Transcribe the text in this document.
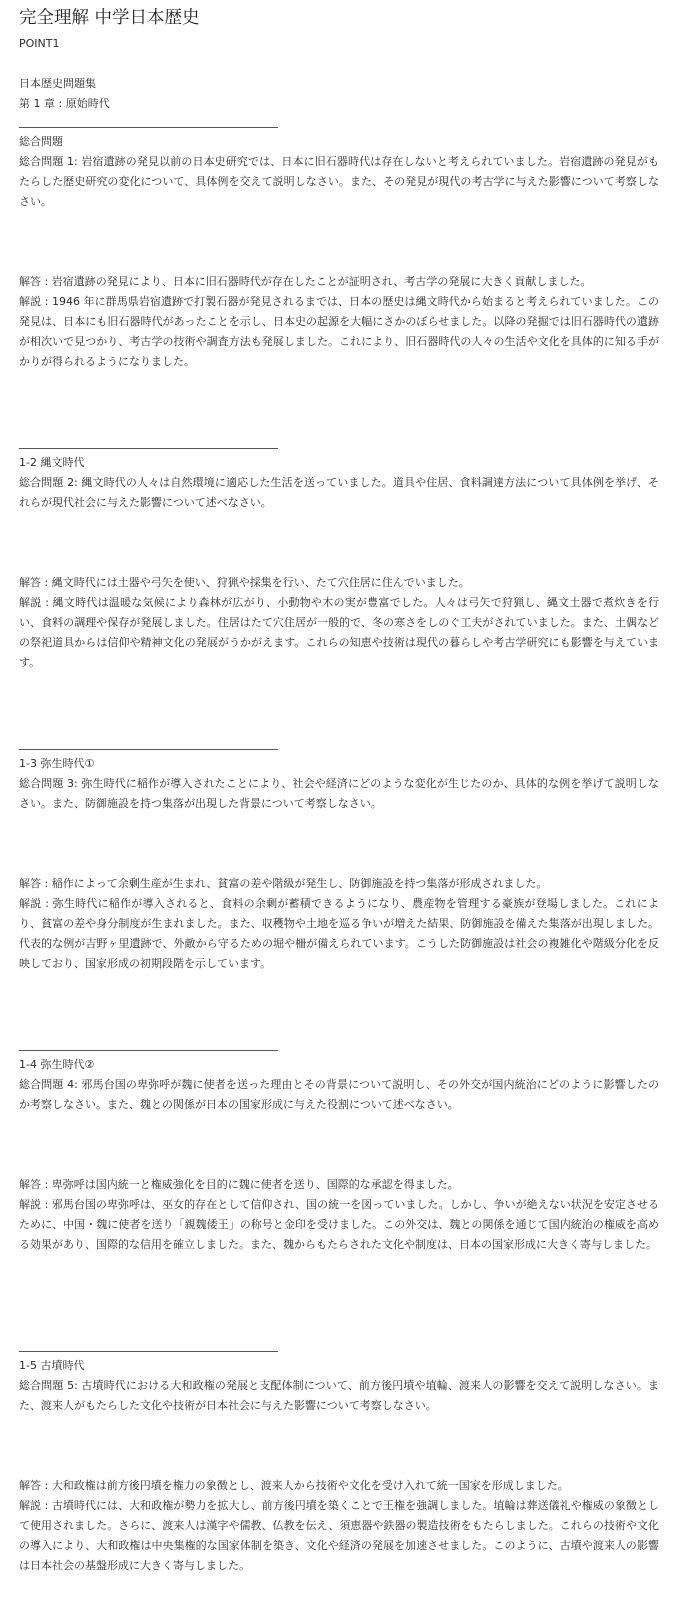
完全理解 中学日本歴史
POINT1
日本歴史問題集
第 1 章 : 原始時代
総合問題

総合問題 1: 岩宿遺跡の発見以前の日本史研究では、日本に旧石器時代は存在しないと考えられていました。岩宿遺跡の発見がもたらした歴史研究の変化について、具体例を交えて説明しなさい。また、その発見が現代の考古学に与えた影響について考察しなさい。

解答 : 岩宿遺跡の発見により、日本に旧石器時代が存在したことが証明され、考古学の発展に大きく貢献しました。

解説 : 1946 年に群馬県岩宿遺跡で打製石器が発見されるまでは、日本の歴史は縄文時代から始まると考えられていました。この発見は、日本にも旧石器時代があったことを示し、日本史の起源を大幅にさかのぼらせました。以降の発掘では旧石器時代の遺跡が相次いで見つかり、考古学の技術や調査方法も発展しました。これにより、旧石器時代の人々の生活や文化を具体的に知る手がかりが得られるようになりました。

1-2 縄文時代

総合問題 2: 縄文時代の人々は自然環境に適応した生活を送っていました。道具や住居、食料調達方法について具体例を挙げ、それらが現代社会に与えた影響について述べなさい。

解答 : 縄文時代には土器や弓矢を使い、狩猟や採集を行い、たて穴住居に住んでいました。

解説 : 縄文時代は温暖な気候により森林が広がり、小動物や木の実が豊富でした。人々は弓矢で狩猟し、縄文土器で煮炊きを行い、食料の調理や保存が発展しました。住居はたて穴住居が一般的で、冬の寒さをしのぐ工夫がされていました。また、土偶などの祭祀道具からは信仰や精神文化の発展がうかがえます。これらの知恵や技術は現代の暮らしや考古学研究にも影響を与えています。

1-3 弥生時代①

総合問題 3: 弥生時代に稲作が導入されたことにより、社会や経済にどのような変化が生じたのか、具体的な例を挙げて説明しなさい。また、防御施設を持つ集落が出現した背景について考察しなさい。

解答 : 稲作によって余剰生産が生まれ、貧富の差や階級が発生し、防御施設を持つ集落が形成されました。

解説 : 弥生時代に稲作が導入されると、食料の余剰が蓄積できるようになり、農産物を管理する豪族が登場しました。これにより、貧富の差や身分制度が生まれました。また、収穫物や土地を巡る争いが増えた結果、防御施設を備えた集落が出現しました。代表的な例が吉野ヶ里遺跡で、外敵から守るための堀や柵が備えられています。こうした防御施設は社会の複雑化や階級分化を反映しており、国家形成の初期段階を示しています。

1-4 弥生時代②

総合問題 4: 邪馬台国の卑弥呼が魏に使者を送った理由とその背景について説明し、その外交が国内統治にどのように影響したのか考察しなさい。また、魏との関係が日本の国家形成に与えた役割について述べなさい。

解答 : 卑弥呼は国内統一と権威強化を目的に魏に使者を送り、国際的な承認を得ました。

解説 : 邪馬台国の卑弥呼は、巫女的存在として信仰され、国の統一を図っていました。しかし、争いが絶えない状況を安定させるために、中国・魏に使者を送り「親魏倭王」の称号と金印を受けました。この外交は、魏との関係を通じて国内統治の権威を高める効果があり、国際的な信用を確立しました。また、魏からもたらされた文化や制度は、日本の国家形成に大きく寄与しました。

1-5 古墳時代

総合問題 5: 古墳時代における大和政権の発展と支配体制について、前方後円墳や埴輪、渡来人の影響を交えて説明しなさい。また、渡来人がもたらした文化や技術が日本社会に与えた影響について考察しなさい。

解答 : 大和政権は前方後円墳を権力の象徴とし、渡来人から技術や文化を受け入れて統一国家を形成しました。

解説 : 古墳時代には、大和政権が勢力を拡大し、前方後円墳を築くことで王権を強調しました。埴輪は葬送儀礼や権威の象徴として使用されました。さらに、渡来人は漢字や儒教、仏教を伝え、須恵器や鉄器の製造技術をもたらしました。これらの技術や文化の導入により、大和政権は中央集権的な国家体制を築き、文化や経済の発展を加速させました。このように、古墳や渡来人の影響は日本社会の基盤形成に大きく寄与しました。
